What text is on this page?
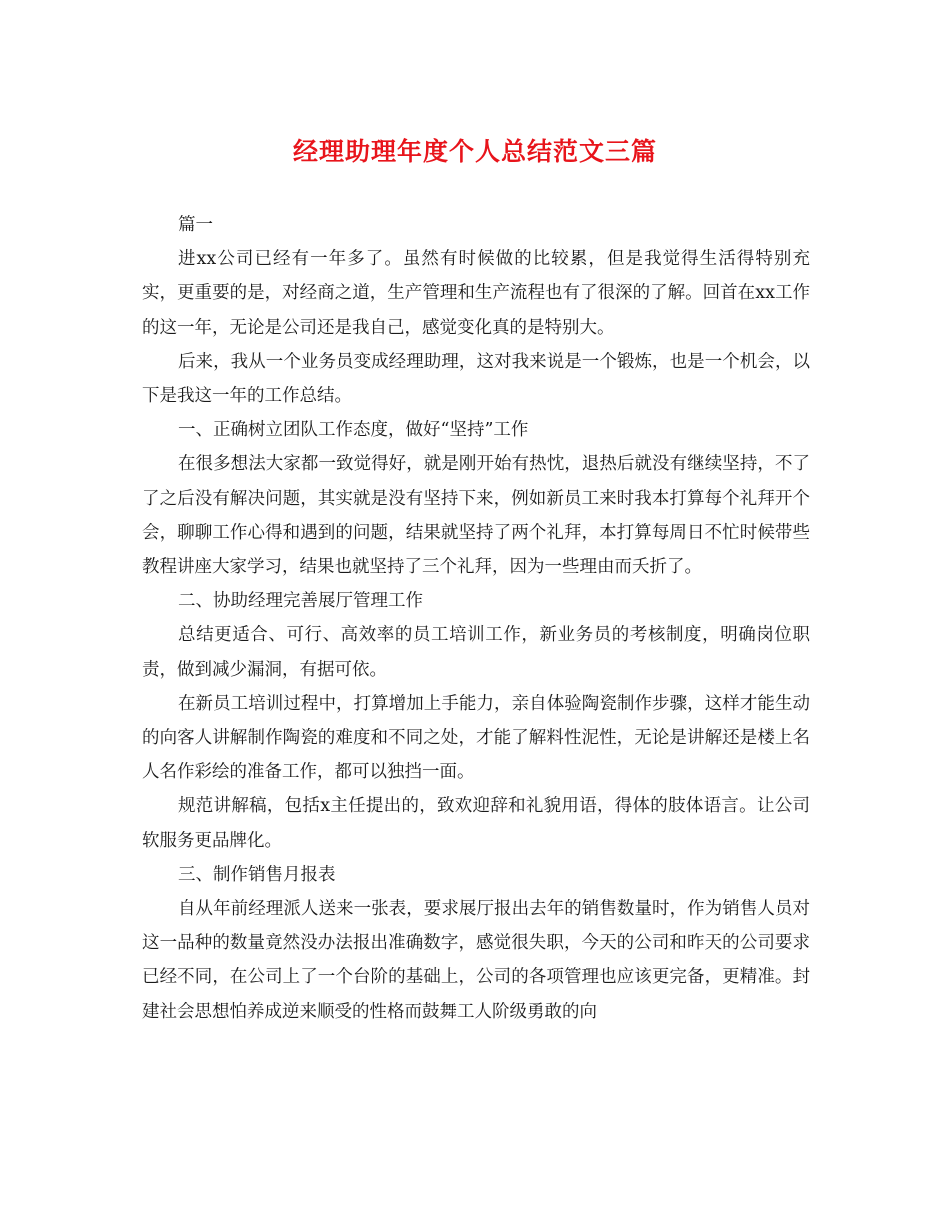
经理助理年度个人总结范文三篇

篇一

进xx公司已经有一年多了。虽然有时候做的比较累，但是我觉得生活得特别充实，更重要的是，对经商之道，生产管理和生产流程也有了很深的了解。回首在xx工作的这一年，无论是公司还是我自己，感觉变化真的是特别大。

后来，我从一个业务员变成经理助理，这对我来说是一个锻炼，也是一个机会，以下是我这一年的工作总结。

一、正确树立团队工作态度，做好“坚持”工作

在很多想法大家都一致觉得好，就是刚开始有热忱，退热后就没有继续坚持，不了了之后没有解决问题，其实就是没有坚持下来，例如新员工来时我本打算每个礼拜开个会，聊聊工作心得和遇到的问题，结果就坚持了两个礼拜，本打算每周日不忙时候带些教程讲座大家学习，结果也就坚持了三个礼拜，因为一些理由而夭折了。

二、协助经理完善展厅管理工作

总结更适合、可行、高效率的员工培训工作，新业务员的考核制度，明确岗位职责，做到减少漏洞，有据可依。

在新员工培训过程中，打算增加上手能力，亲自体验陶瓷制作步骤，这样才能生动的向客人讲解制作陶瓷的难度和不同之处，才能了解料性泥性，无论是讲解还是楼上名人名作彩绘的准备工作，都可以独挡一面。

规范讲解稿，包括x主任提出的，致欢迎辞和礼貌用语，得体的肢体语言。让公司软服务更品牌化。

三、制作销售月报表

自从年前经理派人送来一张表，要求展厅报出去年的销售数量时，作为销售人员对这一品种的数量竟然没办法报出准确数字，感觉很失职，今天的公司和昨天的公司要求已经不同，在公司上了一个台阶的基础上，公司的各项管理也应该更完备，更精准。封建社会思想怕养成逆来顺受的性格而鼓舞工人阶级勇敢的向
